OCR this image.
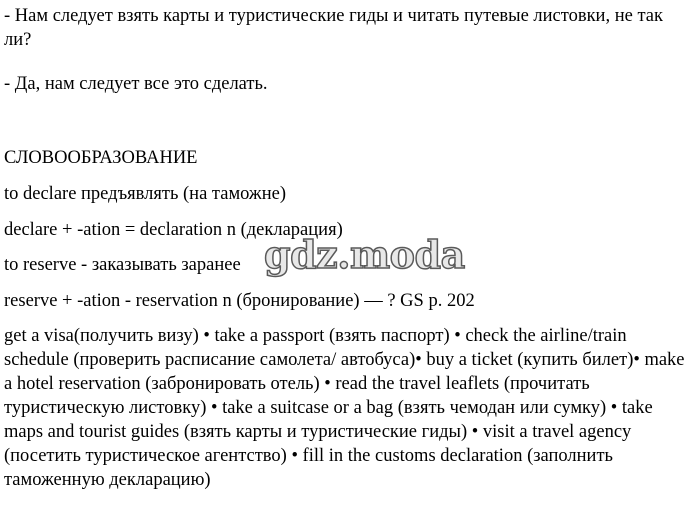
- Нам следует взять карты и туристические гиды и читать путевые листовки, не так ли?

- Да, нам следует все это сделать.

СЛОВООБРАЗОВАНИЕ

to declare предъявлять (на таможне)

declare + -ation = declaration n (декларация)

to reserve - заказывать заранее

reserve + -ation - reservation n (бронирование) — ? GS p. 202

get a visa(получить визу) • take a passport (взять паспорт) • check the airline/train schedule (проверить расписание самолета/ автобуса)• buy a ticket (купить билет)• make a hotel reservation (забронировать отель) • read the travel leaflets (прочитать туристическую листовку) • take a suitcase or a bag (взять чемодан или сумку) • take maps and tourist guides (взять карты и туристические гиды) • visit a travel agency (посетить туристическое агентство) • fill in the customs declaration (заполнить таможенную декларацию)

gdz.moda
